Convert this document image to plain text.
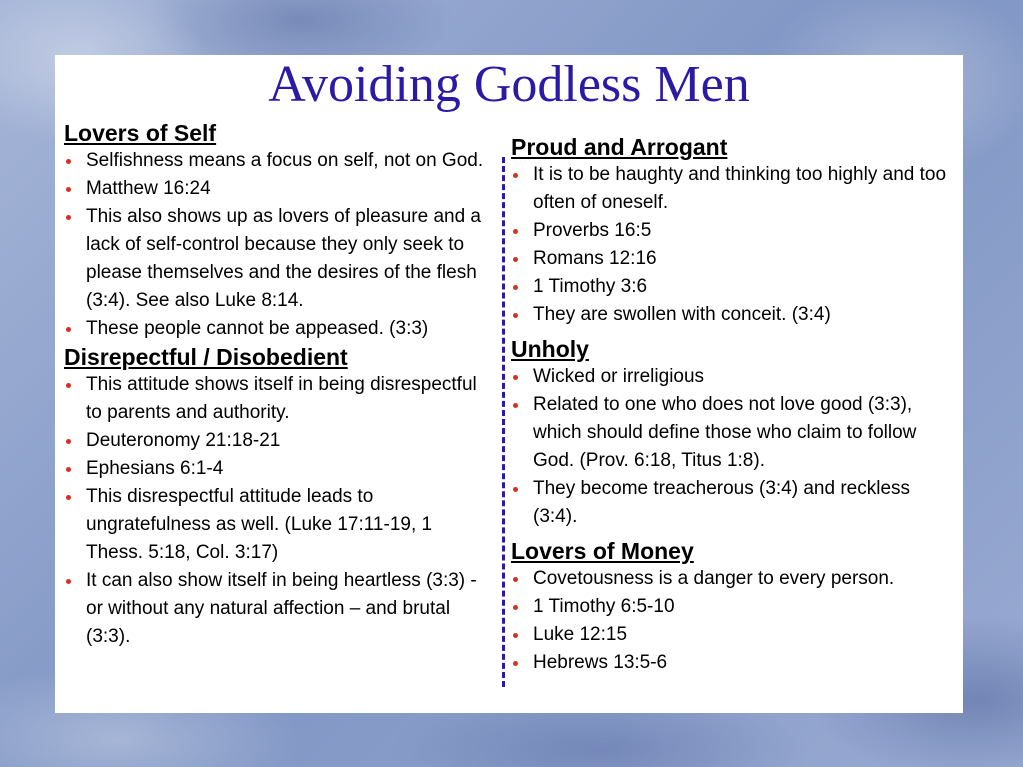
Avoiding Godless Men
Lovers of Self
Selfishness means a focus on self, not on God.
Matthew 16:24
This also shows up as lovers of pleasure and a lack of self-control because they only seek to please themselves and the desires of the flesh (3:4). See also Luke 8:14.
These people cannot be appeased. (3:3)
Disrepectful / Disobedient
This attitude shows itself in being disrespectful to parents and authority.
Deuteronomy 21:18-21
Ephesians 6:1-4
This disrespectful attitude leads to ungratefulness as well. (Luke 17:11-19, 1 Thess. 5:18, Col. 3:17)
It can also show itself in being heartless (3:3) - or without any natural affection – and brutal (3:3).
Proud and Arrogant
It is to be haughty and thinking too highly and too often of oneself.
Proverbs 16:5
Romans 12:16
1 Timothy 3:6
They are swollen with conceit. (3:4)
Unholy
Wicked or irreligious
Related to one who does not love good (3:3), which should define those who claim to follow God. (Prov. 6:18, Titus 1:8).
They become treacherous (3:4) and reckless (3:4).
Lovers of Money
Covetousness is a danger to every person.
1 Timothy 6:5-10
Luke 12:15
Hebrews 13:5-6
